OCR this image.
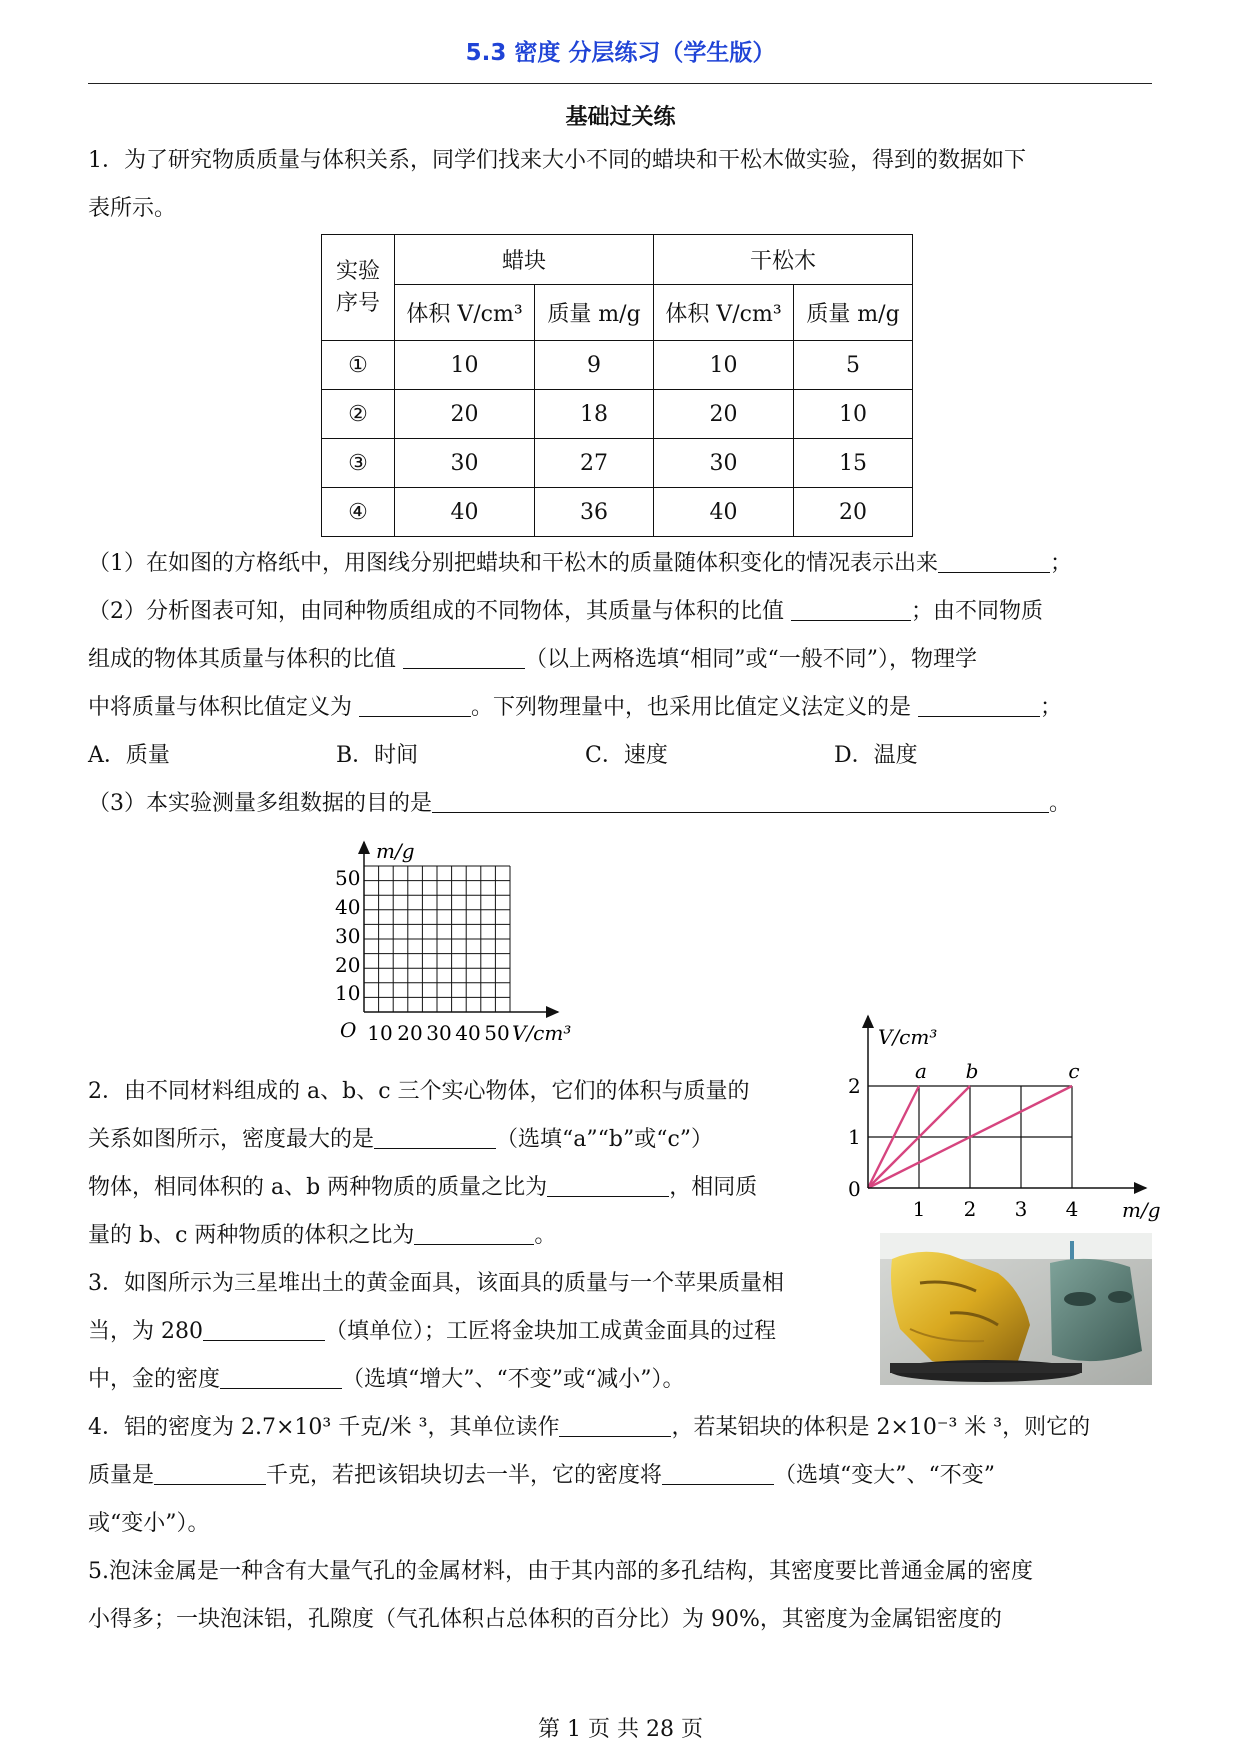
5.3 密度 分层练习（学生版）
基础过关练
1．为了研究物质质量与体积关系，同学们找来大小不同的蜡块和干松木做实验，得到的数据如下
表所示。
实验
序号	蜡块		干松木	
	体积 V/cm³	质量 m/g	体积 V/cm³	质量 m/g
①	10	9	10	5
②	20	18	20	10
③	30	27	30	15
④	40	36	40	20
（1）在如图的方格纸中，用图线分别把蜡块和干松木的质量随体积变化的情况表示出来	；
（2）分析图表可知，由同种物质组成的不同物体，其质量与体积的比值	；由不同物质
组成的物体其质量与体积的比值	（以上两格选填“相同”或“一般不同”），物理学
中将质量与体积比值定义为	。下列物理量中，也采用比值定义法定义的是	；
A．质量	B．时间	C．速度	D．温度
（3）本实验测量多组数据的目的是	。
m/g
O
50
40
30
20
10
10 20 30 40 50 V/cm³
2．由不同材料组成的 a、b、c 三个实心物体，它们的体积与质量的
关系如图所示，密度最大的是	（选填“a”“b”或“c”）
物体，相同体积的 a、b 两种物质的质量之比为	，相同质
量的 b、c 两种物质的体积之比为	。
V/cm³
m/g
0
1 2 3 4
1
2
a b	c
3．如图所示为三星堆出土的黄金面具，该面具的质量与一个苹果质量相
当，为 280	（填单位）；工匠将金块加工成黄金面具的过程
中，金的密度	（选填“增大”、“不变”或“减小”）。
4．铝的密度为 2.7×10³ 千克/米 ³，其单位读作	，若某铝块的体积是 2×10⁻³ 米 ³，则它的
质量是	千克，若把该铝块切去一半，它的密度将	（选填“变大”、“不变”
或“变小”）。
5.泡沫金属是一种含有大量气孔的金属材料，由于其内部的多孔结构，其密度要比普通金属的密度
小得多；一块泡沫铝，孔隙度（气孔体积占总体积的百分比）为 90%，其密度为金属铝密度的
第 1 页 共 28 页
